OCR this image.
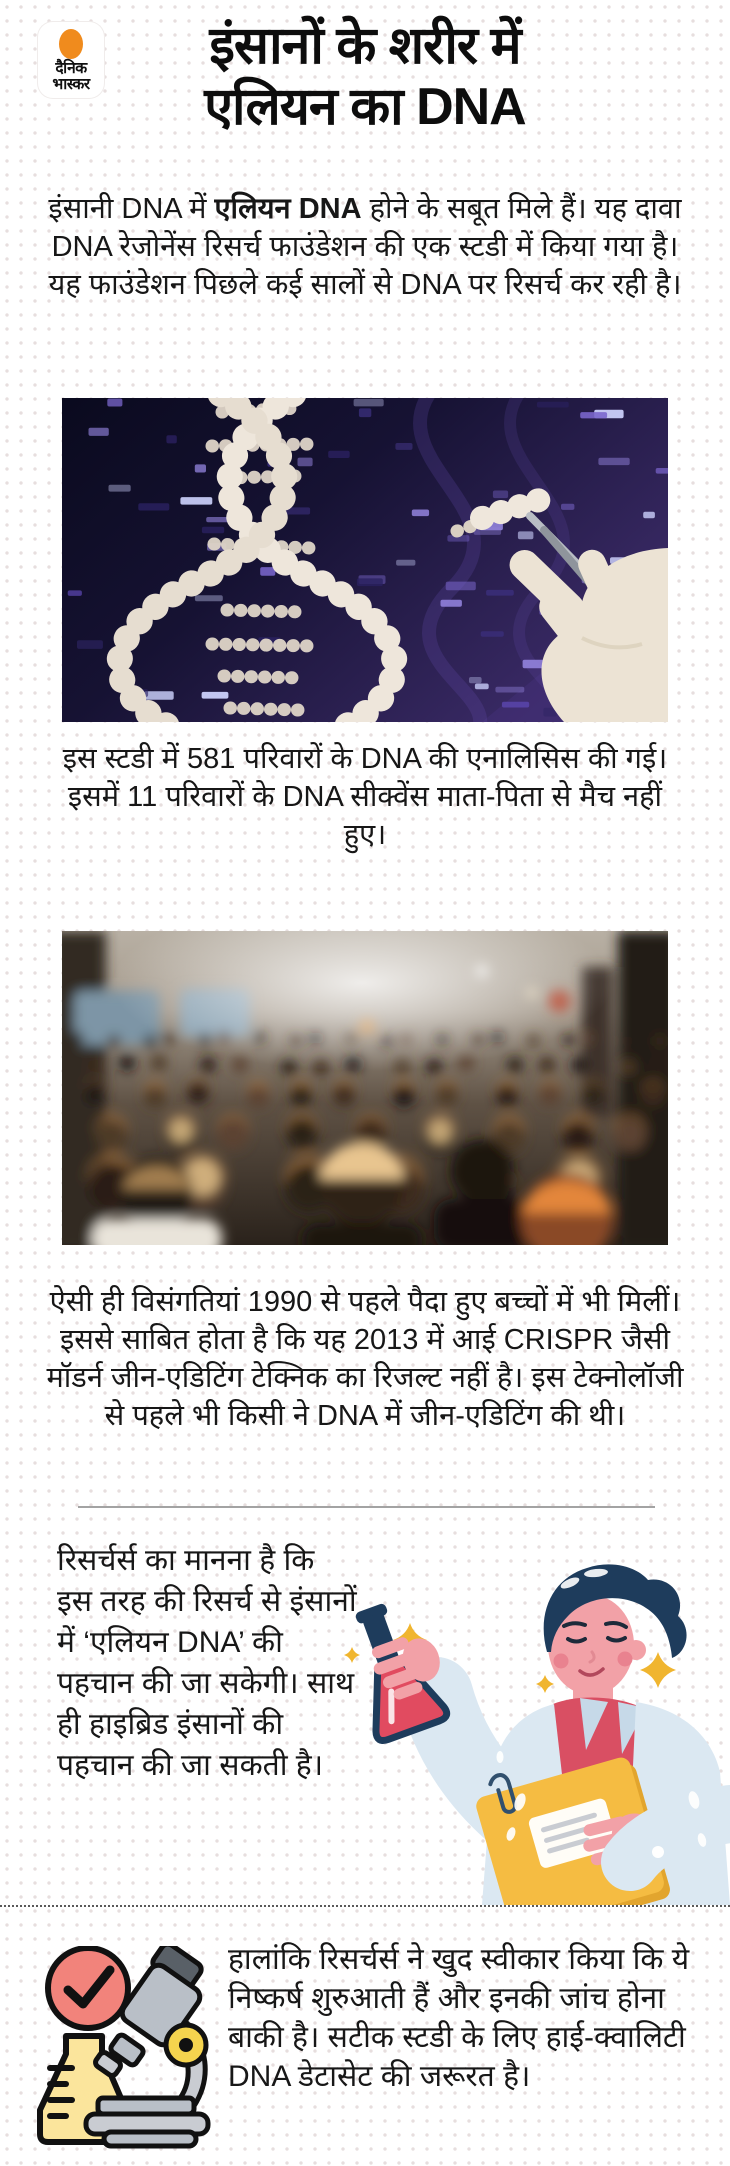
दैनिक
भास्कर
इंसानों के शरीर में
एलियन का DNA

इंसानी DNA में एलियन DNA होने के सबूत मिले हैं। यह दावा DNA रेजोनेंस रिसर्च फाउंडेशन की एक स्टडी में किया गया है। यह फाउंडेशन पिछले कई सालों से DNA पर रिसर्च कर रही है।

इस स्टडी में 581 परिवारों के DNA की एनालिसिस की गई। इसमें 11 परिवारों के DNA सीक्वेंस माता-पिता से मैच नहीं हुए।

ऐसी ही विसंगतियां 1990 से पहले पैदा हुए बच्चों में भी मिलीं। इससे साबित होता है कि यह 2013 में आई CRISPR जैसी मॉडर्न जीन-एडिटिंग टेक्निक का रिजल्ट नहीं है। इस टेक्नोलॉजी से पहले भी किसी ने DNA में जीन-एडिटिंग की थी।

रिसर्चर्स का मानना है कि इस तरह की रिसर्च से इंसानों में ‘एलियन DNA’ की पहचान की जा सकेगी। साथ ही हाइब्रिड इंसानों की पहचान की जा सकती है।

हालांकि रिसर्चर्स ने खुद स्वीकार किया कि ये निष्कर्ष शुरुआती हैं और इनकी जांच होना बाकी है। सटीक स्टडी के लिए हाई-क्वालिटी DNA डेटासेट की जरूरत है।
